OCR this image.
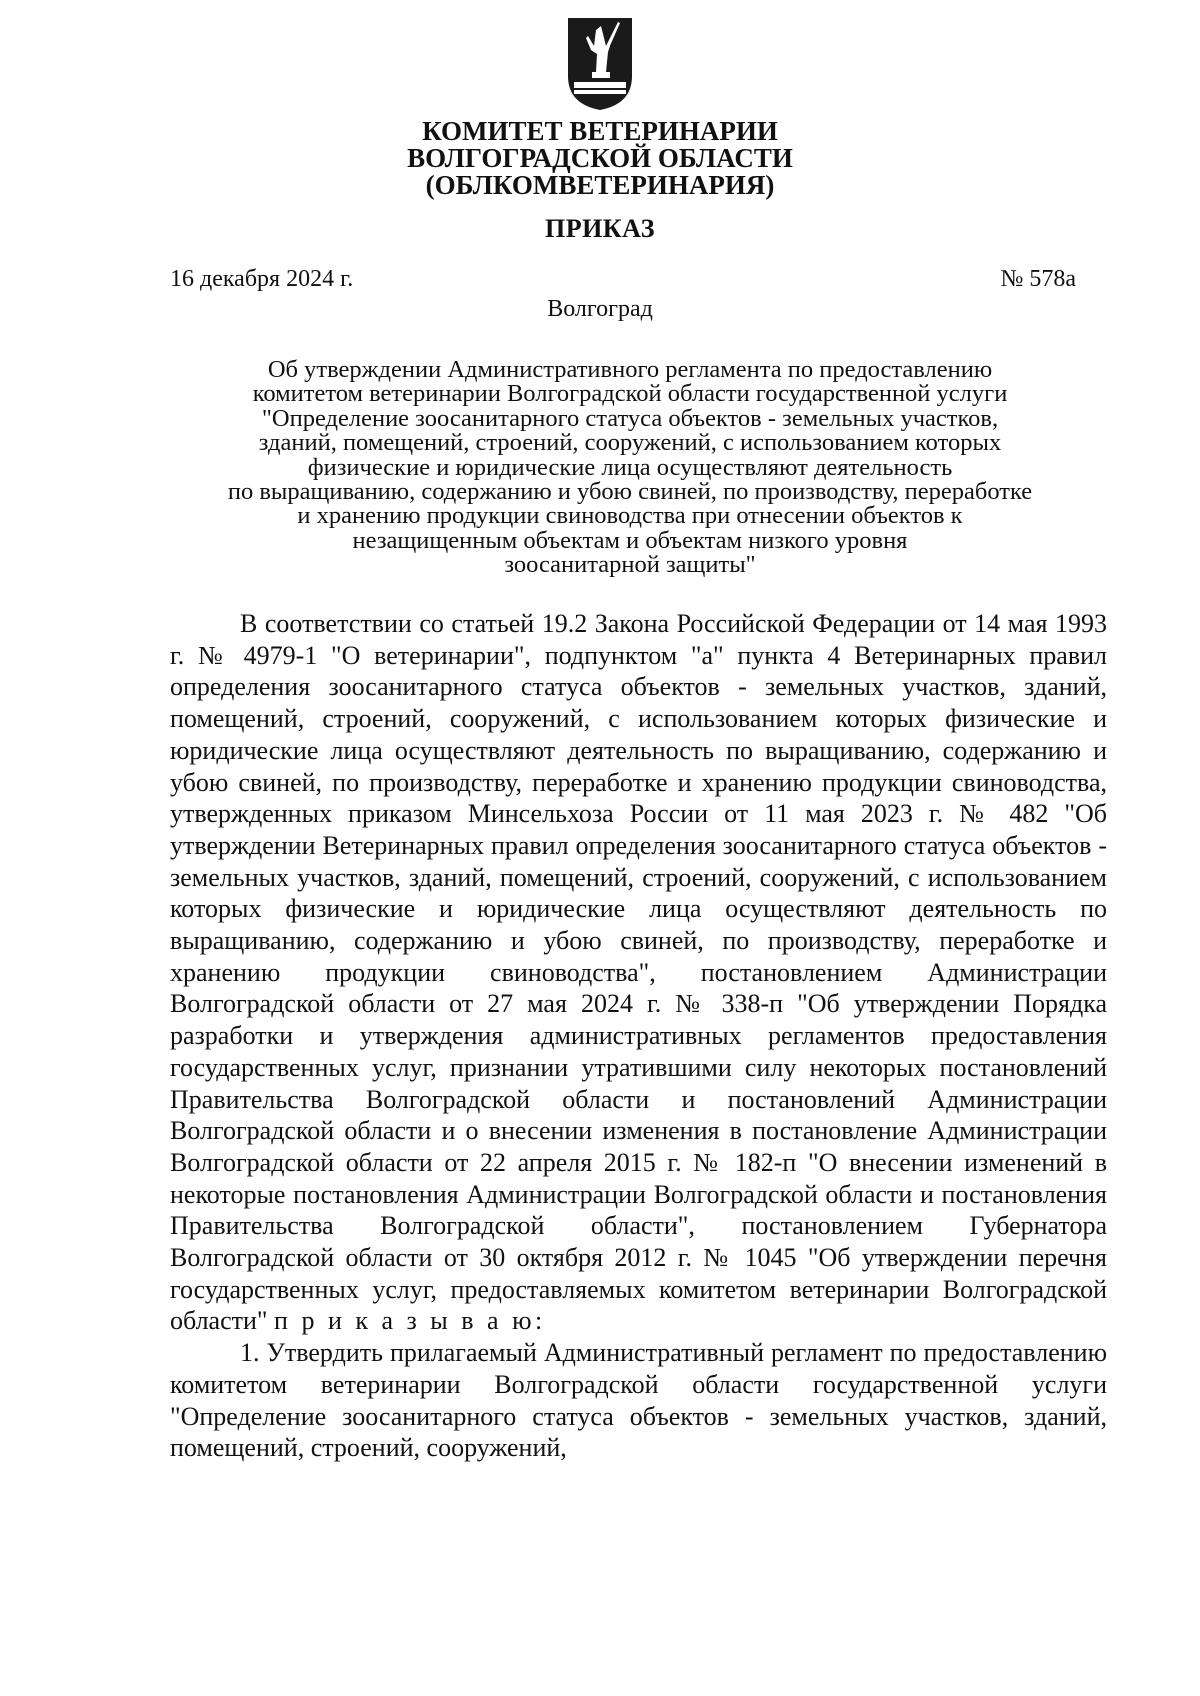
КОМИТЕТ ВЕТЕРИНАРИИ
ВОЛГОГРАДСКОЙ ОБЛАСТИ
(ОБЛКОМВЕТЕРИНАРИЯ)
ПРИКАЗ
16 декабря 2024 г.	№ 578а
Волгоград
Об утверждении Административного регламента по предоставлению
комитетом ветеринарии Волгоградской области государственной услуги
"Определение зоосанитарного статуса объектов - земельных участков,
зданий, помещений, строений, сооружений, с использованием которых
физические и юридические лица осуществляют деятельность
по выращиванию, содержанию и убою свиней, по производству, переработке
и хранению продукции свиноводства при отнесении объектов к
незащищенным объектам и объектам низкого уровня
зоосанитарной защиты"

В соответствии со статьей 19.2 Закона Российской Федерации от 14 мая 1993 г. № 4979-1 "О ветеринарии", подпунктом "а" пункта 4 Ветеринарных правил определения зоосанитарного статуса объектов - земельных участков, зданий, помещений, строений, сооружений, с использованием которых физические и юридические лица осуществляют деятельность по выращиванию, содержанию и убою свиней, по производству, переработке и хранению продукции свиноводства, утвержденных приказом Минсельхоза России от 11 мая 2023 г. № 482 "Об утверждении Ветеринарных правил определения зоосанитарного статуса объектов - земельных участков, зданий, помещений, строений, сооружений, с использованием которых физические и юридические лица осуществляют деятельность по выращиванию, содержанию и убою свиней, по производству, переработке и хранению продукции свиноводства", постановлением Администрации Волгоградской области от 27 мая 2024 г. № 338-п "Об утверждении Порядка разработки и утверждения административных регламентов предоставления государственных услуг, признании утратившими силу некоторых постановлений Правительства Волгоградской области и постановлений Администрации Волгоградской области и о внесении изменения в постановление Администрации Волгоградской области от 22 апреля 2015 г. № 182-п "О внесении изменений в некоторые постановления Администрации Волгоградской области и постановления Правительства Волгоградской области", постановлением Губернатора Волгоградской области от 30 октября 2012 г. № 1045 "Об утверждении перечня государственных услуг, предоставляемых комитетом ветеринарии Волгоградской области" п р и к а з ы в а ю:

1. Утвердить прилагаемый Административный регламент по предоставлению комитетом ветеринарии Волгоградской области государственной услуги "Определение зоосанитарного статуса объектов - земельных участков, зданий, помещений, строений, сооружений,
